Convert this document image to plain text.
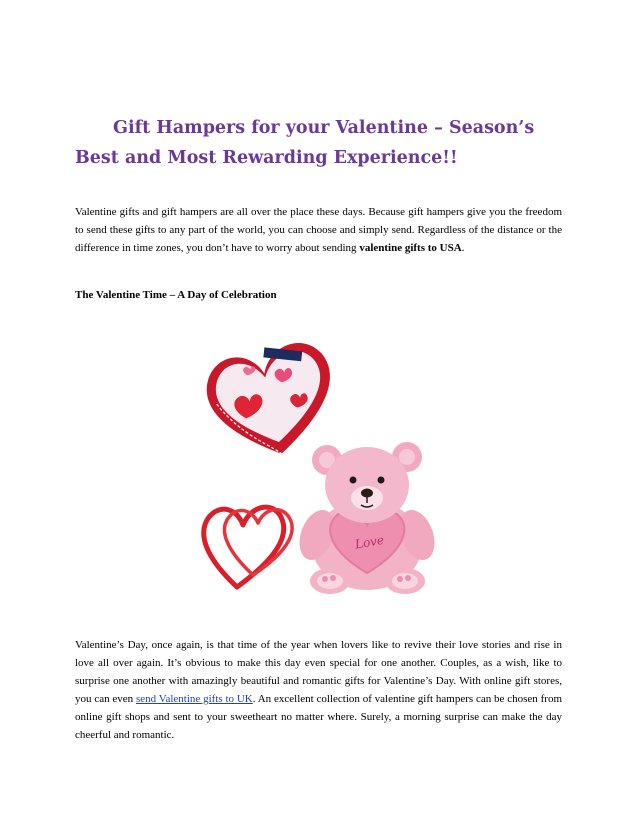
Gift Hampers for your Valentine – Season’s
Best and Most Rewarding Experience!!

Valentine gifts and gift hampers are all over the place these days. Because gift hampers give you the freedom to send these gifts to any part of the world, you can choose and simply send. Regardless of the distance or the difference in time zones, you don’t have to worry about sending valentine gifts to USA.

The Valentine Time – A Day of Celebration
Love

Valentine’s Day, once again, is that time of the year when lovers like to revive their love stories and rise in love all over again. It’s obvious to make this day even special for one another. Couples, as a wish, like to surprise one another with amazingly beautiful and romantic gifts for Valentine’s Day. With online gift stores, you can even send Valentine gifts to UK. An excellent collection of valentine gift hampers can be chosen from online gift shops and sent to your sweetheart no matter where. Surely, a morning surprise can make the day cheerful and romantic.
